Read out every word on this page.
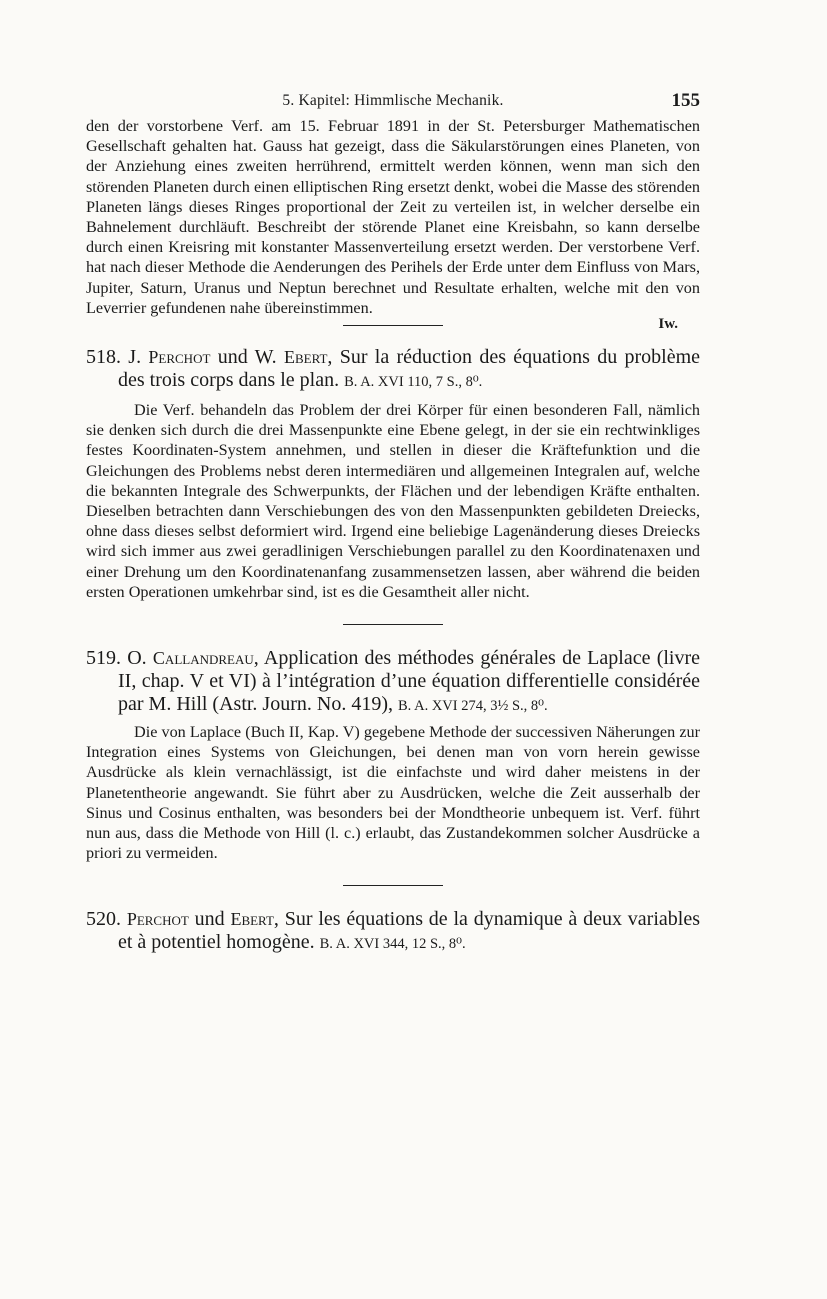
5. Kapitel: Himmlische Mechanik.	155

den der vorstorbene Verf. am 15. Februar 1891 in der St. Petersburger Mathematischen Gesellschaft gehalten hat. Gauss hat gezeigt, dass die Säkularstörungen eines Planeten, von der Anziehung eines zweiten herrührend, ermittelt werden können, wenn man sich den störenden Planeten durch einen elliptischen Ring ersetzt denkt, wobei die Masse des störenden Planeten längs dieses Ringes proportional der Zeit zu verteilen ist, in welcher derselbe ein Bahnelement durchläuft. Beschreibt der störende Planet eine Kreisbahn, so kann derselbe durch einen Kreisring mit konstanter Massenverteilung ersetzt werden. Der verstorbene Verf. hat nach dieser Methode die Aenderungen des Perihels der Erde unter dem Einfluss von Mars, Jupiter, Saturn, Uranus und Neptun berechnet und Resultate erhalten, welche mit den von Leverrier gefundenen nahe übereinstimmen.

Iw.

518. J. Perchot und W. Ebert, Sur la réduction des équations du problème des trois corps dans le plan. B. A. XVI 110, 7 S., 8⁰.

Die Verf. behandeln das Problem der drei Körper für einen besonderen Fall, nämlich sie denken sich durch die drei Massenpunkte eine Ebene gelegt, in der sie ein rechtwinkliges festes Koordinaten-System annehmen, und stellen in dieser die Kräftefunktion und die Gleichungen des Problems nebst deren intermediären und allgemeinen Integralen auf, welche die bekannten Integrale des Schwerpunkts, der Flächen und der lebendigen Kräfte enthalten. Dieselben betrachten dann Verschiebungen des von den Massenpunkten gebildeten Dreiecks, ohne dass dieses selbst deformiert wird. Irgend eine beliebige Lagenänderung dieses Dreiecks wird sich immer aus zwei geradlinigen Verschiebungen parallel zu den Koordinatenaxen und einer Drehung um den Koordinatenanfang zusammensetzen lassen, aber während die beiden ersten Operationen umkehrbar sind, ist es die Gesamtheit aller nicht.

519. O. Callandreau, Application des méthodes générales de Laplace (livre II, chap. V et VI) à l’intégration d’une équation differentielle considérée par M. Hill (Astr. Journ. No. 419), B. A. XVI 274, 3½ S., 8⁰.

Die von Laplace (Buch II, Kap. V) gegebene Methode der successiven Näherungen zur Integration eines Systems von Gleichungen, bei denen man von vorn herein gewisse Ausdrücke als klein vernachlässigt, ist die einfachste und wird daher meistens in der Planetentheorie angewandt. Sie führt aber zu Ausdrücken, welche die Zeit ausserhalb der Sinus und Cosinus enthalten, was besonders bei der Mondtheorie unbequem ist. Verf. führt nun aus, dass die Methode von Hill (l. c.) erlaubt, das Zustandekommen solcher Ausdrücke a priori zu vermeiden.

520. Perchot und Ebert, Sur les équations de la dynamique à deux variables et à potentiel homogène. B. A. XVI 344, 12 S., 8⁰.
